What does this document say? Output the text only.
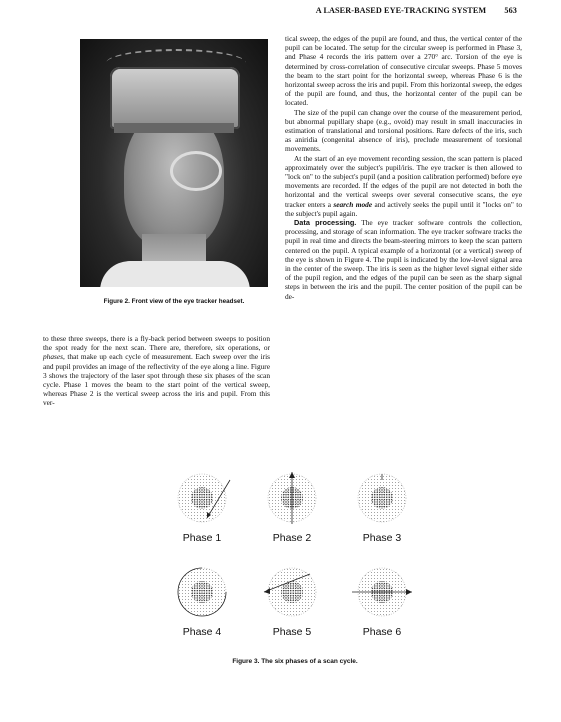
A LASER-BASED EYE-TRACKING SYSTEM 563
Figure 2. Front view of the eye tracker headset.

tical sweep, the edges of the pupil are found, and thus, the vertical center of the pupil can be located. The setup for the circular sweep is performed in Phase 3, and Phase 4 records the iris pattern over a 270° arc. Torsion of the eye is determined by cross-correlation of consecutive circular sweeps. Phase 5 moves the beam to the start point for the horizontal sweep, whereas Phase 6 is the horizontal sweep across the iris and pupil. From this horizontal sweep, the edges of the pupil are found, and thus, the horizontal center of the pupil can be located.

The size of the pupil can change over the course of the measurement period, but abnormal pupillary shape (e.g., ovoid) may result in small inaccuracies in estimation of translational and torsional positions. Rare defects of the iris, such as aniridia (congenital absence of iris), preclude measurement of torsional movements.

At the start of an eye movement recording session, the scan pattern is placed approximately over the subject's pupil/iris. The eye tracker is then allowed to "lock on" to the subject's pupil (and a position calibration performed) before eye movements are recorded. If the edges of the pupil are not detected in both the horizontal and the vertical sweeps over several consecutive scans, the eye tracker enters a search mode and actively seeks the pupil until it "locks on" to the subject's pupil again.

Data processing. The eye tracker software controls the collection, processing, and storage of scan information. The eye tracker software tracks the pupil in real time and directs the beam-steering mirrors to keep the scan pattern centered on the pupil. A typical example of a horizontal (or a vertical) sweep of the eye is shown in Figure 4. The pupil is indicated by the low-level signal area in the center of the sweep. The iris is seen as the higher level signal either side of the pupil region, and the edges of the pupil can be seen as the sharp signal steps in between the iris and the pupil. The center position of the pupil can be de-

to these three sweeps, there is a fly-back period between sweeps to position the spot ready for the next scan. There are, therefore, six operations, or phases, that make up each cycle of measurement. Each sweep over the iris and pupil provides an image of the reflectivity of the eye along a line. Figure 3 shows the trajectory of the laser spot through these six phases of the scan cycle. Phase 1 moves the beam to the start point of the vertical sweep, whereas Phase 2 is the vertical sweep across the iris and pupil. From this ver-

Phase 1	Phase 2	Phase 3
Phase 4	Phase 5	Phase 6
Figure 3. The six phases of a scan cycle.
